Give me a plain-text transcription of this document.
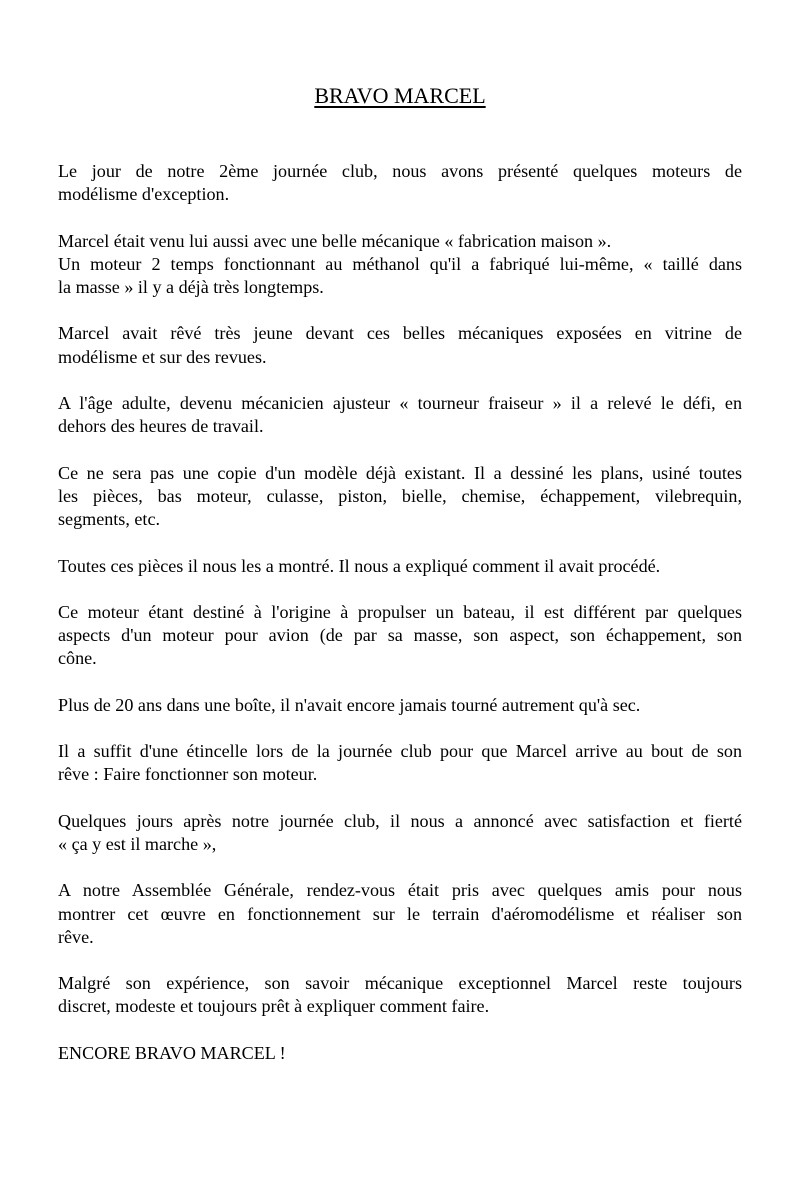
BRAVO MARCEL

Le jour de notre 2ème journée club, nous avons présenté quelques moteurs de
modélisme d'exception.

Marcel était venu lui aussi avec une belle mécanique « fabrication maison ».
Un moteur 2 temps fonctionnant au méthanol qu'il a fabriqué lui-même, « taillé dans
la masse » il y a déjà très longtemps.

Marcel avait rêvé très jeune devant ces belles mécaniques exposées en vitrine de
modélisme et sur des revues.

A l'âge adulte, devenu mécanicien ajusteur « tourneur fraiseur » il a relevé le défi, en
dehors des heures de travail.

Ce ne sera pas une copie d'un modèle déjà existant. Il a dessiné les plans, usiné toutes
les pièces, bas moteur, culasse, piston, bielle, chemise, échappement, vilebrequin,
segments, etc.

Toutes ces pièces il nous les a montré. Il nous a expliqué comment il avait procédé.

Ce moteur étant destiné à l'origine à propulser un bateau, il est différent par quelques
aspects d'un moteur pour avion (de par sa masse, son aspect, son échappement, son
cône.

Plus de 20 ans dans une boîte, il n'avait encore jamais tourné autrement qu'à sec.

Il a suffit d'une étincelle lors de la journée club pour que Marcel arrive au bout de son
rêve : Faire fonctionner son moteur.

Quelques jours après notre journée club, il nous a annoncé avec satisfaction et fierté
« ça y est il marche »,

A notre Assemblée Générale, rendez-vous était pris avec quelques amis pour nous
montrer cet œuvre en fonctionnement sur le terrain d'aéromodélisme et réaliser son
rêve.

Malgré son expérience, son savoir mécanique exceptionnel Marcel reste toujours
discret, modeste et toujours prêt à expliquer comment faire.

ENCORE BRAVO MARCEL !
